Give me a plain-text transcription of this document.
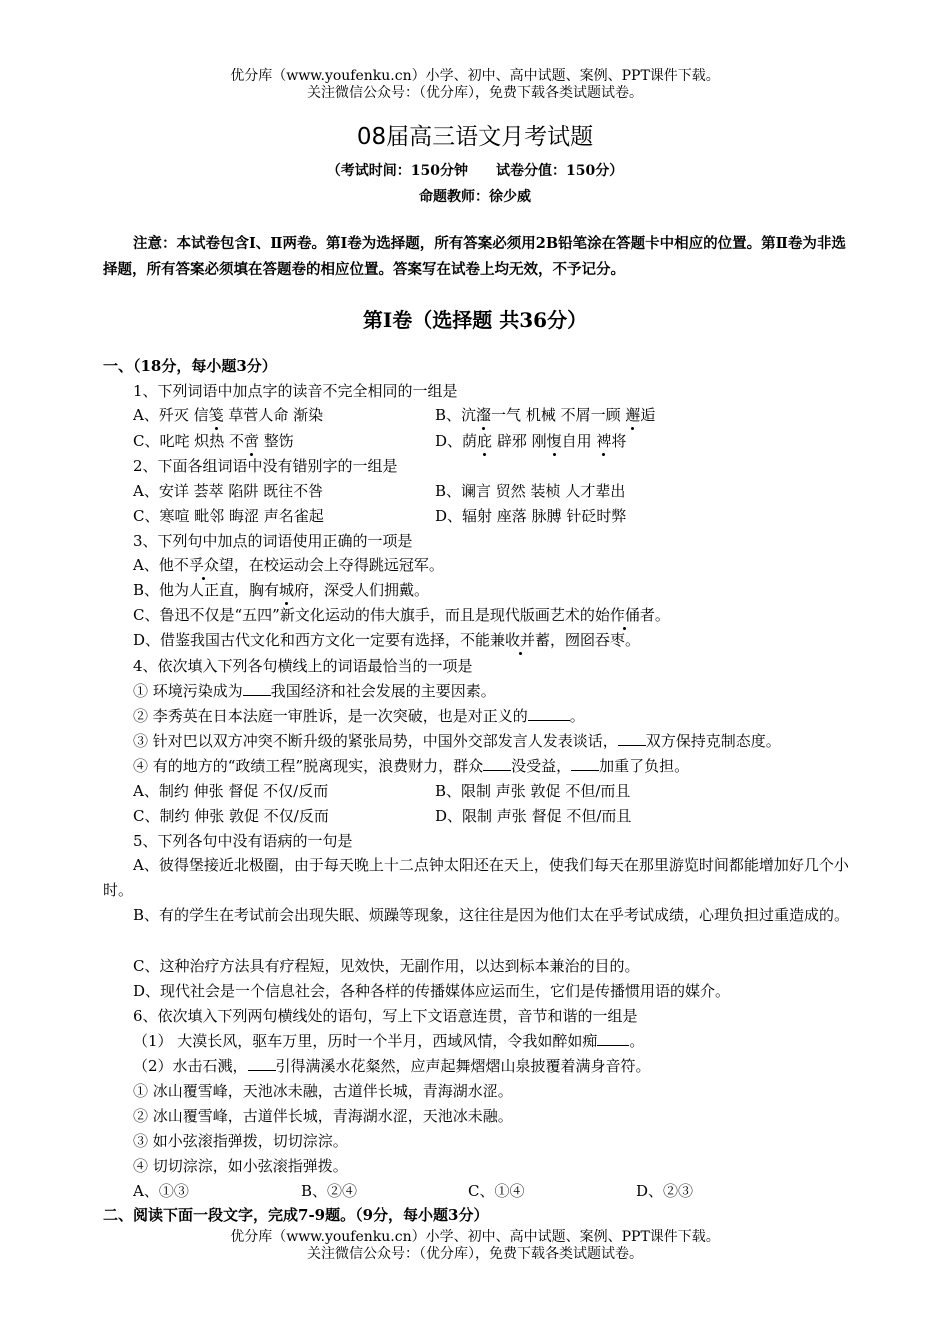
优分库（www.youfenku.cn）小学、初中、高中试题、案例、PPT课件下载。
关注微信公众号：（优分库），免费下载各类试题试卷。
08届高三语文月考试题
（考试时间：150分钟　　试卷分值：150分）
命题教师：徐少威
注意：本试卷包含Ⅰ、Ⅱ两卷。第Ⅰ卷为选择题，所有答案必须用2B铅笔涂在答题卡中相应的位置。第Ⅱ卷为非选择题，所有答案必须填在答题卷的相应位置。答案写在试卷上均无效，不予记分。
第Ⅰ卷（选择题 共36分）
一、（18分，每小题3分）
1、下列词语中加点字的读音不完全相同的一组是
A、歼灭 信笺 草菅人命 渐染	B、沆瀣一气 机械 不屑一顾 邂逅
C、叱咤 炽热 不啻 整饬	D、荫庇 辟邪 刚愎自用 裨将
2、下面各组词语中没有错别字的一组是
A、安详 荟萃 陷阱 既往不咎	B、谰言 贸然 装桢 人才辈出
C、寒喧 毗邻 晦涩 声名雀起	D、辐射 座落 脉膊 针砭时弊
3、下列句中加点的词语使用正确的一项是
A、他不孚众望，在校运动会上夺得跳远冠军。
B、他为人正直，胸有城府，深受人们拥戴。
C、鲁迅不仅是“五四”新文化运动的伟大旗手，而且是现代版画艺术的始作俑者。
D、借鉴我国古代文化和西方文化一定要有选择，不能兼收并蓄，囫囵吞枣。
4、依次填入下列各句横线上的词语最恰当的一项是
① 环境污染成为 我国经济和社会发展的主要因素。
② 李秀英在日本法庭一审胜诉，是一次突破，也是对正义的	。
③ 针对巴以双方冲突不断升级的紧张局势，中国外交部发言人发表谈话， 双方保持克制态度。
④ 有的地方的“政绩工程”脱离现实，浪费财力，群众 没受益， 加重了负担。
A、制约 伸张 督促 不仅/反而	B、限制 声张 敦促 不但/而且
C、制约 伸张 敦促 不仅/反而	D、限制 声张 督促 不但/而且
5、下列各句中没有语病的一句是
A、彼得堡接近北极圈，由于每天晚上十二点钟太阳还在天上，使我们每天在那里游览时间都能增加好几个小时。
B、有的学生在考试前会出现失眠、烦躁等现象，这往往是因为他们太在乎考试成绩，心理负担过重造成的。
C、这种治疗方法具有疗程短，见效快，无副作用，以达到标本兼治的目的。
D、现代社会是一个信息社会，各种各样的传播媒体应运而生，它们是传播惯用语的媒介。
6、依次填入下列两句横线处的语句，写上下文语意连贯，音节和谐的一组是
（1） 大漠长风，驱车万里，历时一个半月，西域风情，令我如醉如痴 。
（2）水击石溅， 引得满溪水花粲然，应声起舞熠熠山泉披覆着满身音符。
① 冰山覆雪峰，天池冰未融，古道伴长城，青海湖水涩。
② 冰山覆雪峰，古道伴长城，青海湖水涩，天池冰未融。
③ 如小弦滚指弹拨，切切淙淙。
④ 切切淙淙，如小弦滚指弹拨。
A、①③	B、②④	C、①④	D、②③
二、阅读下面一段文字，完成7-9题。（9分，每小题3分）
优分库（www.youfenku.cn）小学、初中、高中试题、案例、PPT课件下载。
关注微信公众号：（优分库），免费下载各类试题试卷。
